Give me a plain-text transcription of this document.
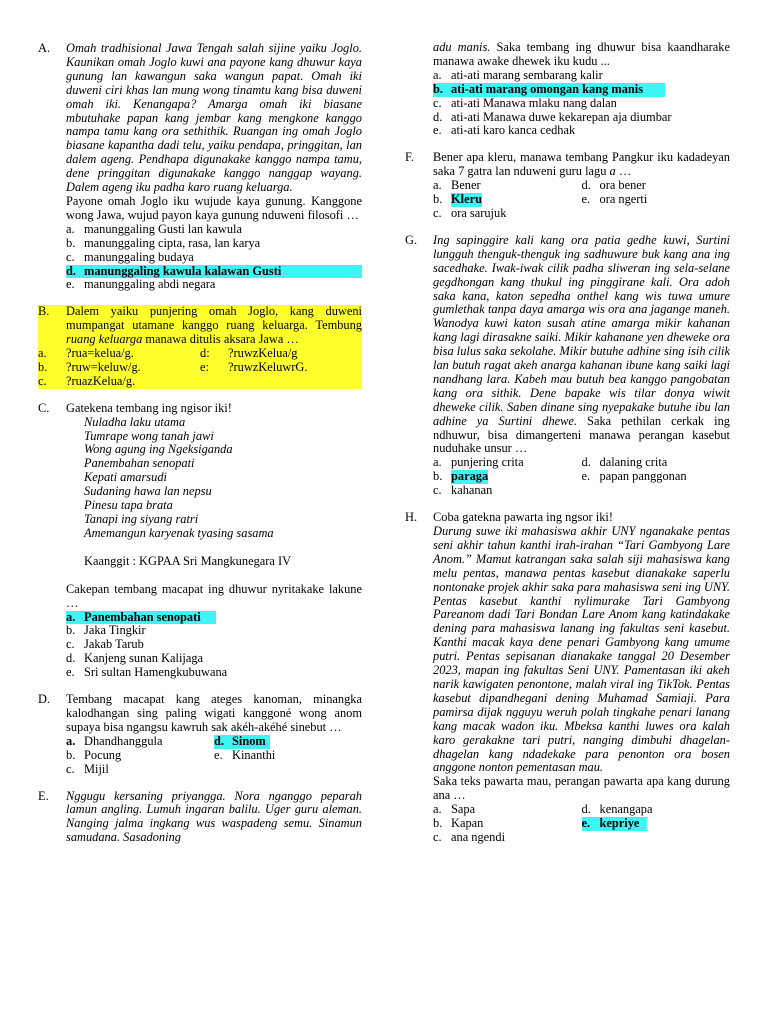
A.	Omah tradhisional Jawa Tengah salah sijine yaiku Joglo. Kaunikan omah Joglo kuwi ana payone kang dhuwur kaya gunung lan kawangun saka wangun papat. Omah iki duweni ciri khas lan mung wong tinamtu kang bisa duweni omah iki. Kenangapa? Amarga omah iki biasane mbutuhake papan kang jembar kang mengkone kanggo nampa tamu kang ora sethithik. Ruangan ing omah Joglo biasane kapantha dadi telu, yaiku pendapa, pringgitan, lan dalem ageng. Pendhapa digunakake kanggo nampa tamu, dene pringgitan digunakake kanggo nanggap wayang. Dalem ageng iku padha karo ruang keluarga.
Payone omah Joglo iku wujude kaya gunung. Kanggone wong Jawa, wujud payon kaya gunung nduweni filosofi …
a. manunggaling Gusti lan kawula
b. manunggaling cipta, rasa, lan karya
c. manunggaling budaya
d. manunggaling kawula kalawan Gusti
e. manunggaling abdi negara
B.	Dalem yaiku punjering omah Joglo, kang duweni mumpangat utamane kanggo ruang keluarga. Tembung ruang keluarga manawa ditulis aksara Jawa …
a.	?rua=kelua/g.	d:	?ruwzKelua/g
b.	?ruw=keluw/g.	e:	?ruwzKeluwrG.
c.	?ruazKelua/g.
C.	Gatekena tembang ing ngisor iki!
Nuladha laku utama
Tumrape wong tanah jawi
Wong agung ing Ngeksiganda
Panembahan senopati
Kepati amarsudi
Sudaning hawa lan nepsu
Pinesu tapa brata
Tanapi ing siyang ratri
Amemangun karyenak tyasing sasama
Kaanggit : KGPAA Sri Mangkunegara IV
Cakepan tembang macapat ing dhuwur nyritakake lakune …
a. Panembahan senopati
b. Jaka Tingkir
c. Jakab Tarub
d. Kanjeng sunan Kalijaga
e. Sri sultan Hamengkubuwana
D.	Tembang macapat kang ateges kanoman, minangka kalodhangan sing paling wigati kanggoné wong anom supaya bisa ngangsu kawruh sak akéh-akéhé sinebut …
a. Dhandhanggula	d. Sinom
b. Pocung	e. Kinanthi
c. Mijil
E.	Nggugu kersaning priyangga. Nora nganggo peparah lamun angling. Lumuh ingaran balilu. Uger guru aleman. Nanging jalma ingkang wus waspadeng semu. Sinamun samudana. Sasadoning
adu manis. Saka tembang ing dhuwur bisa kaandharake manawa awake dhewek iku kudu ...
a. ati-ati marang sembarang kalir
b. ati-ati marang omongan kang manis
c. ati-ati Manawa mlaku nang dalan
d. ati-ati Manawa duwe kekarepan aja diumbar
e. ati-ati karo kanca cedhak
F.	Bener apa kleru, manawa tembang Pangkur iku kadadeyan saka 7 gatra lan nduweni guru lagu a …
a. Bener	d. ora bener
b. Kleru	e. ora ngerti
c. ora sarujuk
G.	Ing sapinggire kali kang ora patia gedhe kuwi, Surtini lungguh thenguk-thenguk ing sadhuwure buk kang ana ing sacedhake. Iwak-iwak cilik padha sliweran ing sela-selane gegdhongan kang thukul ing pinggirane kali. Ora adoh saka kana, katon sepedha onthel kang wis tuwa umure gumlethak tanpa daya amarga wis ora ana jagange maneh. Wanodya kuwi katon susah atine amarga mikir kahanan kang lagi dirasakne saiki. Mikir kahanane yen dheweke ora bisa lulus saka sekolahe. Mikir butuhe adhine sing isih cilik lan butuh ragat akeh anarga kahanan ibune kang saiki lagi nandhang lara. Kabeh mau butuh bea kanggo pangobatan kang ora sithik. Dene bapake wis tilar donya wiwit dheweke cilik. Saben dinane sing nyepakake butuhe ibu lan adhine ya Surtini dhewe. Saka pethilan cerkak ing ndhuwur, bisa dimangerteni manawa perangan kasebut nuduhake unsur …
a. punjering crita	d. dalaning crita
b. paraga	e. papan panggonan
c. kahanan
H.	Coba gatekna pawarta ing ngsor iki!
Durung suwe iki mahasiswa akhir UNY nganakake pentas seni akhir tahun kanthi irah-irahan “Tari Gambyong Lare Anom.” Mamut katrangan saka salah siji mahasiswa kang melu pentas, manawa pentas kasebut dianakake saperlu nontonake projek akhir saka para mahasiswa seni ing UNY. Pentas kasebut kanthi nylimurake Tari Gambyong Pareanom dadi Tari Bondan Lare Anom kang katindakake dening para mahasiswa lanang ing fakultas seni kasebut. Kanthi macak kaya dene penari Gambyong kang umume putri. Pentas sepisanan dianakake tanggal 20 Desember 2023, mapan ing fakultas Seni UNY. Pamentasan iki akeh narik kawigaten penontone, malah viral ing TikTok. Pentas kasebut dipandhegani dening Muhamad Samiaji. Para pamirsa dijak ngguyu weruh polah tingkahe penari lanang kang macak wadon iku. Mbeksa kanthi luwes ora kalah karo gerakakne tari putri, nanging dimbuhi dhagelan-dhagelan kang ndadekake para penonton ora bosen anggone nonton pementasan mau.
Saka teks pawarta mau, perangan pawarta apa kang durung ana …
a. Sapa	d. kenangapa
b. Kapan	e. kepriye
c. ana ngendi
